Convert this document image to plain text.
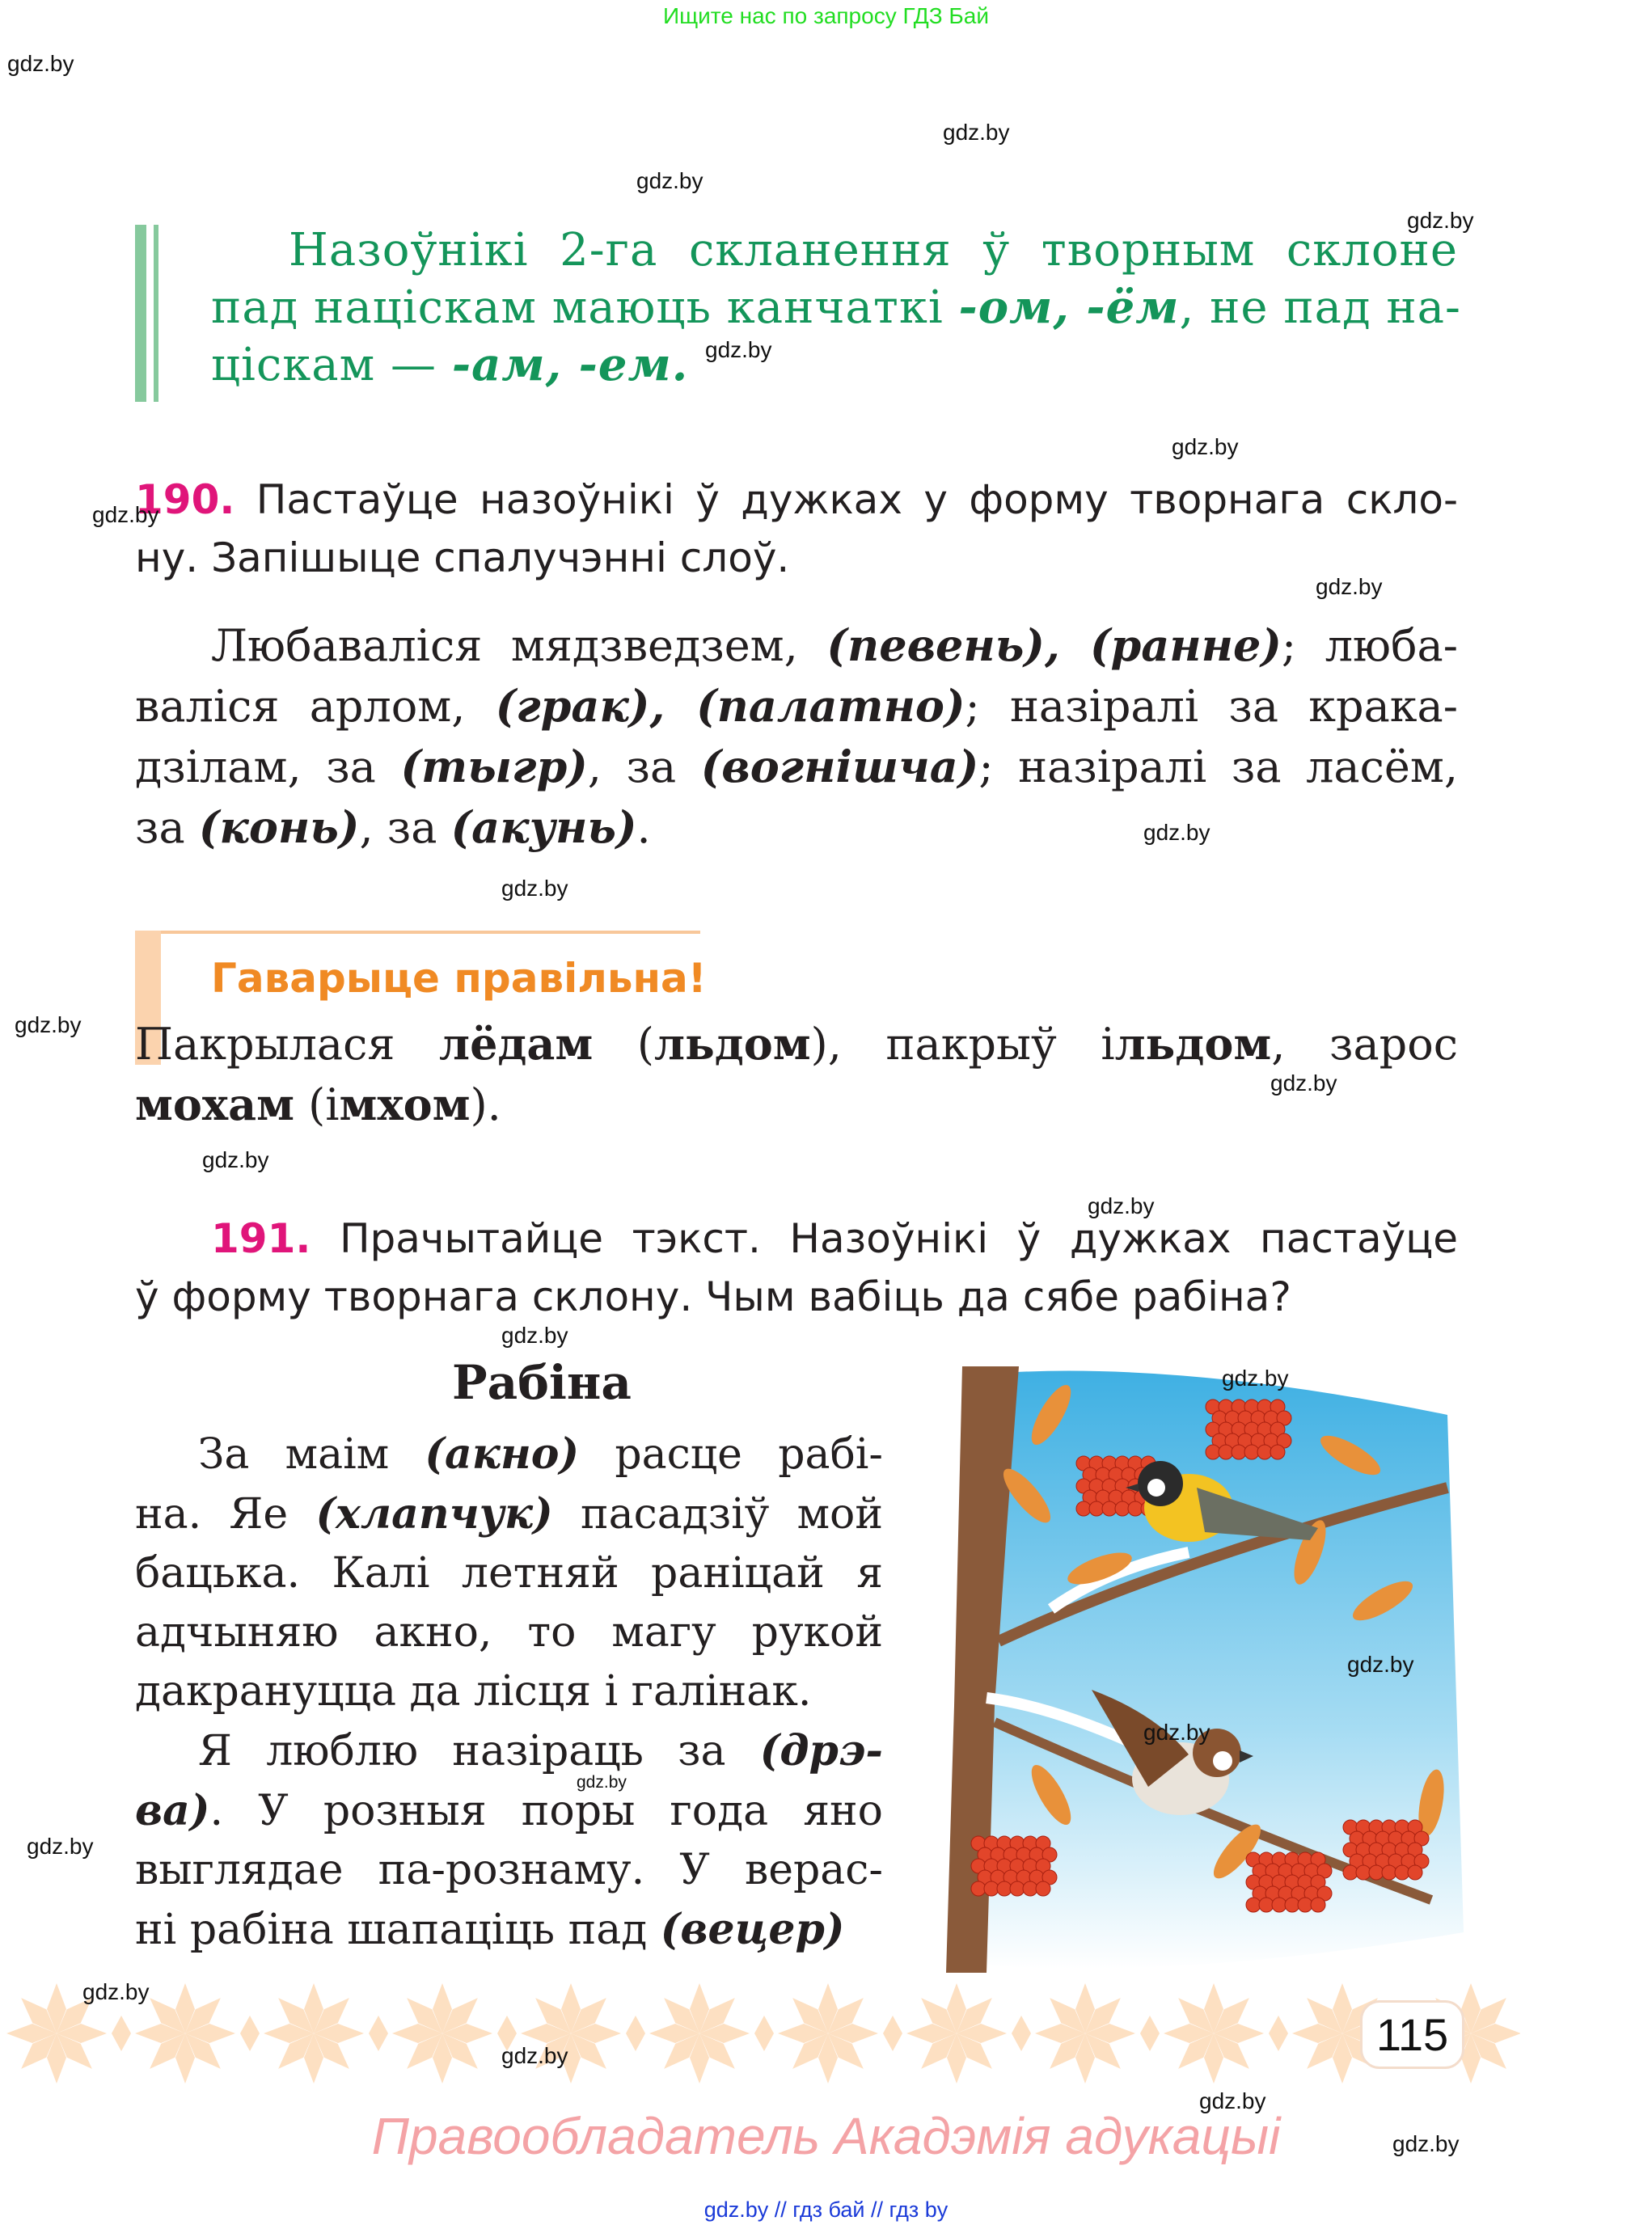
Ищите нас по запросу ГДЗ Бай
Назоўнікі 2-га скланення ў творным склоне
пад націскам маюць канчаткі -ом, -ём, не пад на-
ціскам — -ам, -ем.
190. Пастаўце назоўнікі ў дужках у форму творнага скло-
ну. Запішыце спалучэнні слоў.
Любаваліся мядзведзем, (певень), (ранне); люба-
валіся арлом, (грак), (палатно); назіралі за крака-
дзілам, за (тыгр), за (вогнішча); назіралі за ласём,
за (конь), за (акунь).
Гаварыце правільна!
Пакрылася лёдам (льдом), пакрыў ільдом, зарос
мохам (імхом).
191. Прачытайце тэкст. Назоўнікі ў дужках пастаўце
ў форму творнага склону. Чым вабіць да сябе рабіна?
Рабіна
  За маім (акно) расце рабі-
на. Яе (хлапчук) пасадзіў мой
бацька. Калі летняй раніцай я
адчыняю акно, то магу рукой
дакрануцца да лісця і галінак.
  Я люблю назіраць за (дрэ-
ва). У розныя поры года яно
выглядае па-рознаму. У верас-
ні рабіна шапаціць пад (вецер)
115
Правообладатель Акадэмія адукацыі
gdz.by // гдз бай // гдз by
gdz.by
gdz.by
gdz.by
gdz.by
gdz.by
gdz.by
gdz.by
gdz.by
gdz.by
gdz.by
gdz.by
gdz.by
gdz.by
gdz.by
gdz.by
gdz.by
gdz.by
gdz.by
gdz.by
gdz.by
gdz.by
gdz.by
gdz.by
gdz.by
